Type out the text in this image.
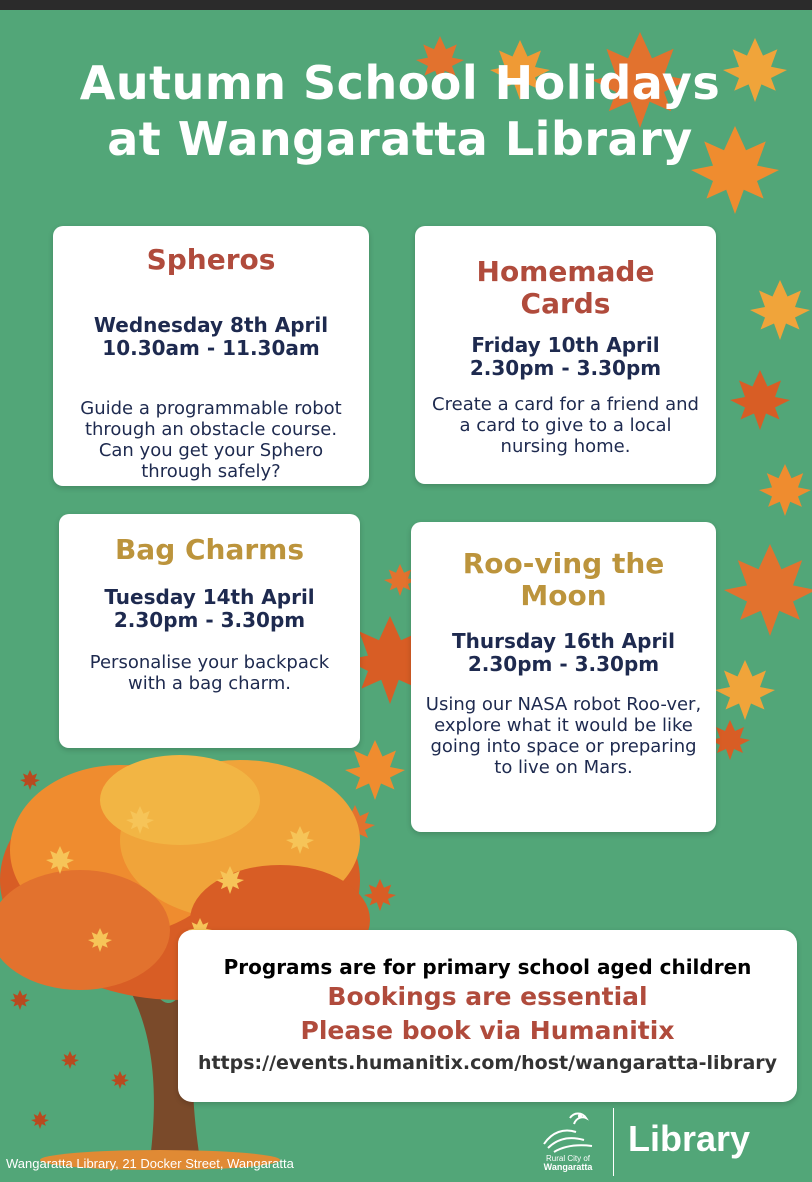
Autumn School Holidays
at Wangaratta Library
Spheros

Wednesday 8th April

10.30am - 11.30am

Guide a programmable robot through an obstacle course. Can you get your Sphero through safely?

Homemade Cards

Friday 10th April

2.30pm - 3.30pm

Create a card for a friend and a card to give to a local nursing home.

Bag Charms

Tuesday 14th April

2.30pm - 3.30pm

Personalise your backpack with a bag charm.

Roo-ving the Moon

Thursday 16th April

2.30pm - 3.30pm

Using our NASA robot Roo-ver, explore what it would be like going into space or preparing to live on Mars.

Programs are for primary school aged children
Bookings are essential
Please book via Humanitix
https://events.humanitix.com/host/wangaratta-library
Wangaratta Library, 21 Docker Street, Wangaratta	Rural City of
Wangaratta
Library
